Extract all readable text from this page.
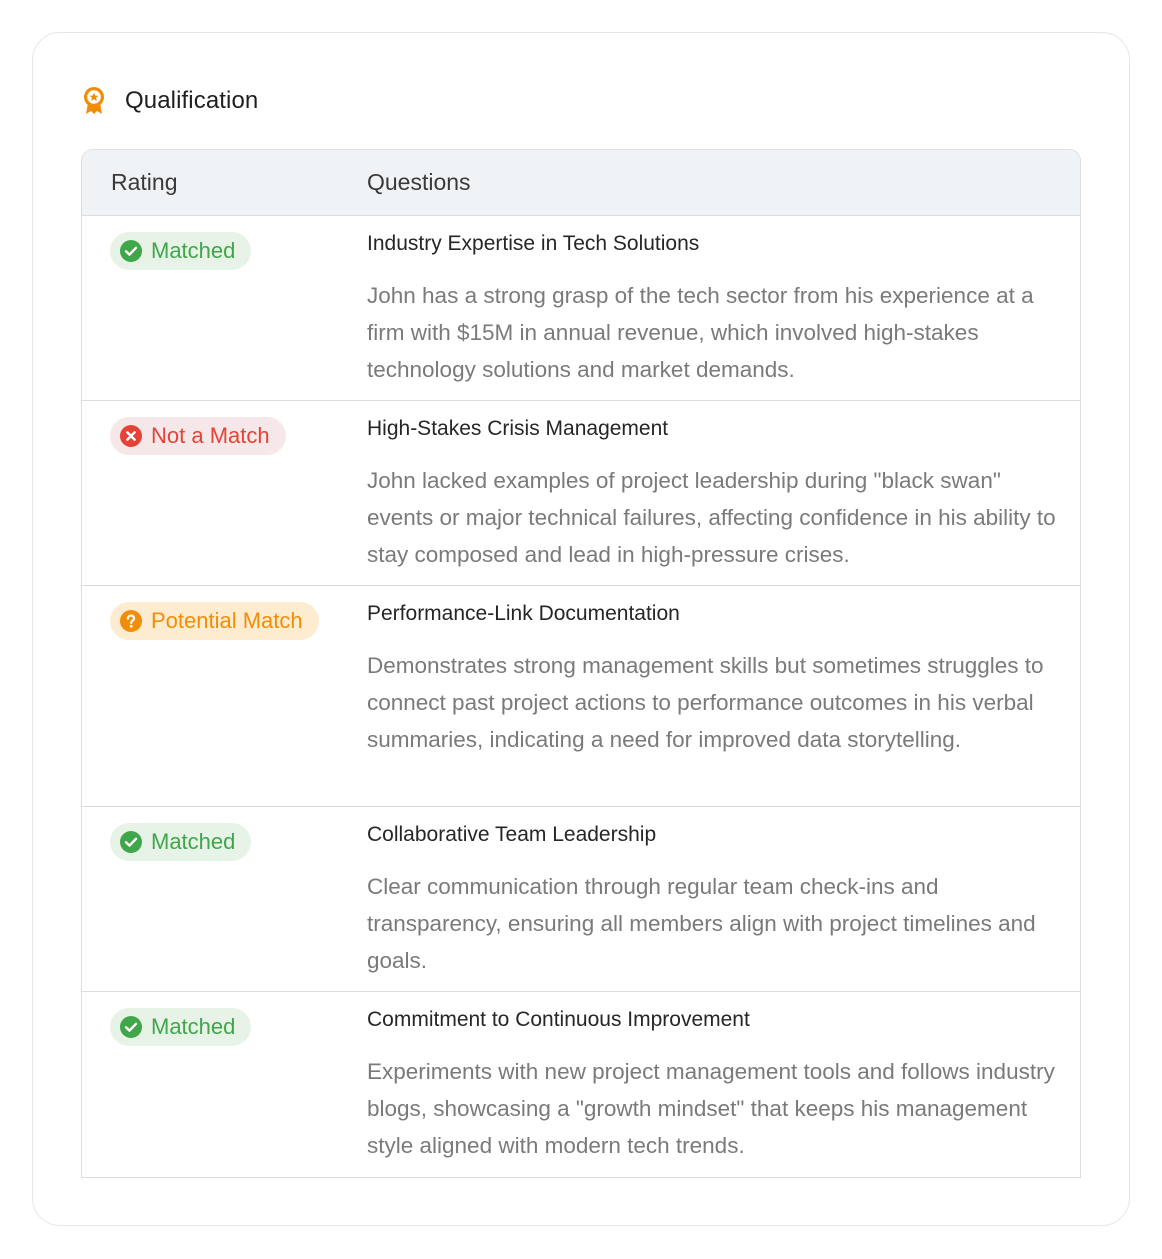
Qualification
Rating	Questions
Matched	Industry Expertise in Tech Solutions
John has a strong grasp of the tech sector from his experience at a firm with $15M in annual revenue, which involved high-stakes technology solutions and market demands.
Not a Match	High-Stakes Crisis Management
John lacked examples of project leadership during "black swan" events or major technical failures, affecting confidence in his ability to stay composed and lead in high-pressure crises.
Potential Match	Performance-Link Documentation
Demonstrates strong management skills but sometimes struggles to connect past project actions to performance outcomes in his verbal summaries, indicating a need for improved data storytelling.
Matched	Collaborative Team Leadership
Clear communication through regular team check-ins and transparency, ensuring all members align with project timelines and goals.
Matched	Commitment to Continuous Improvement
Experiments with new project management tools and follows industry blogs, showcasing a "growth mindset" that keeps his management style aligned with modern tech trends.
